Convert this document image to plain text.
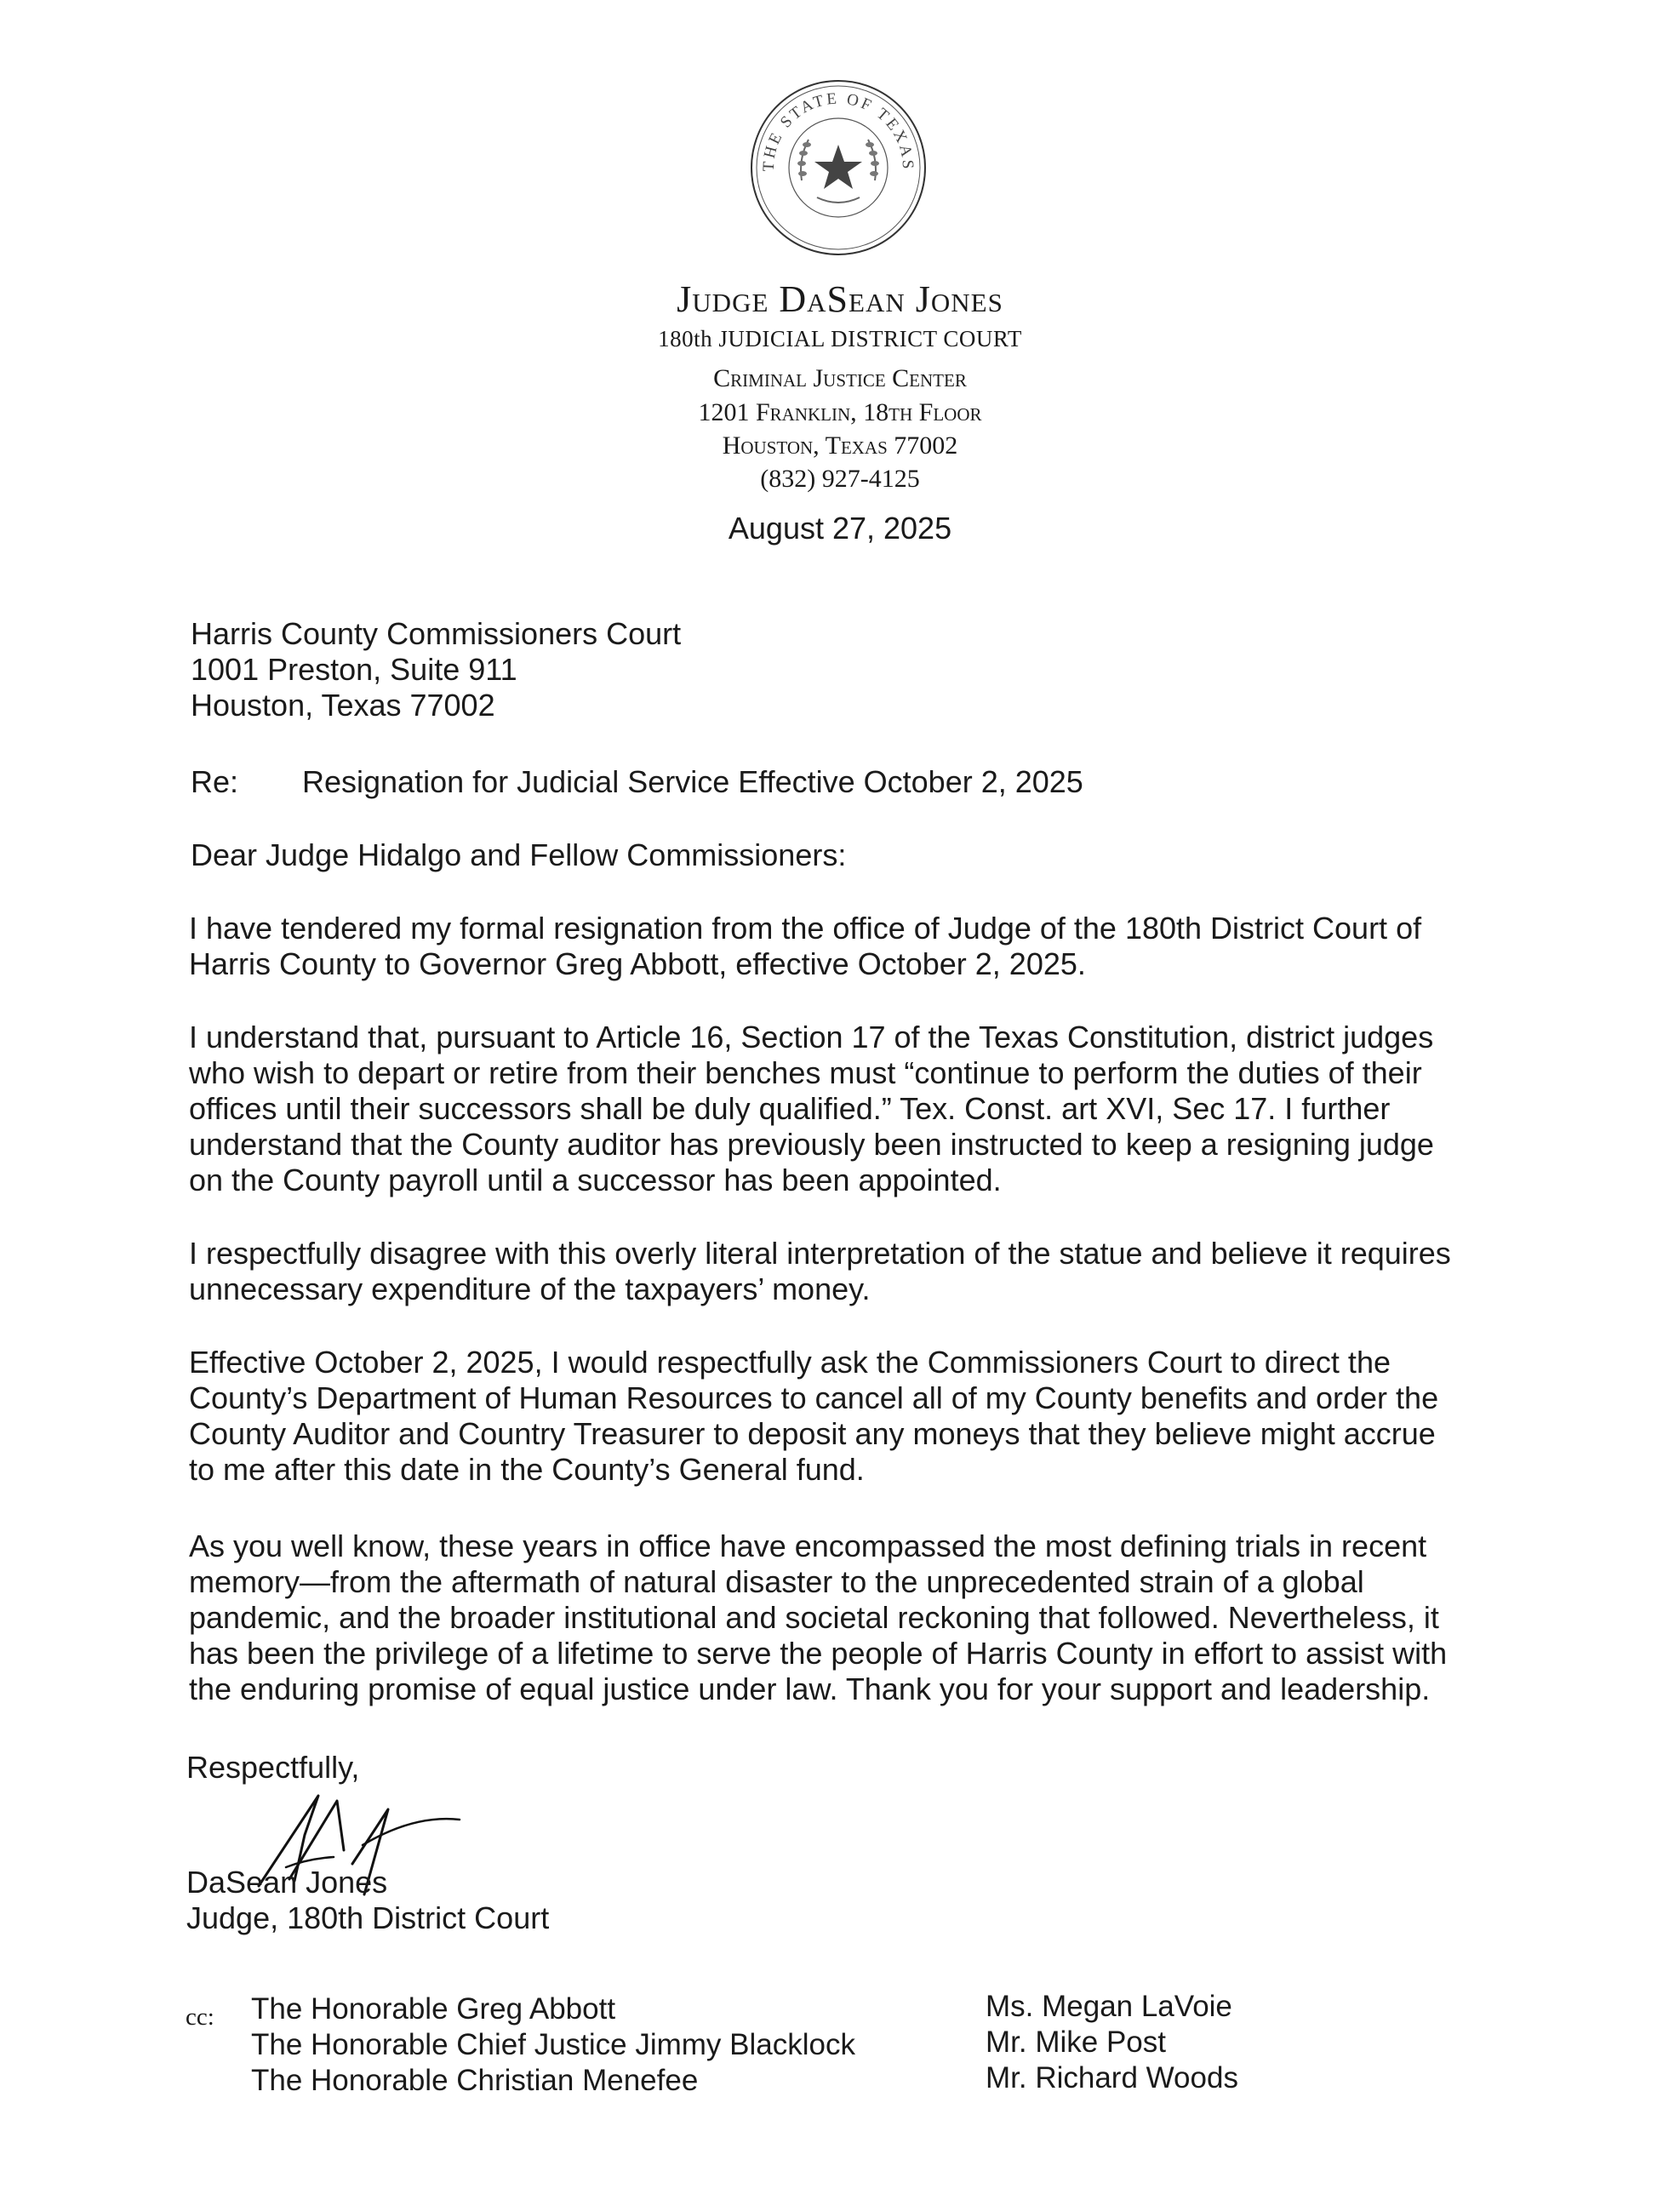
THE STATE OF TEXAS
Judge DaSean Jones
180th JUDICIAL DISTRICT COURT
Criminal Justice Center
1201 Franklin, 18th Floor
Houston, Texas 77002
(832) 927-4125
August 27, 2025
Harris County Commissioners Court
1001 Preston, Suite 911
Houston, Texas 77002
Re: Resignation for Judicial Service Effective October 2, 2025
Dear Judge Hidalgo and Fellow Commissioners:
I have tendered my formal resignation from the office of Judge of the 180th District Court of
Harris County to Governor Greg Abbott, effective October 2, 2025.
I understand that, pursuant to Article 16, Section 17 of the Texas Constitution, district judges
who wish to depart or retire from their benches must “continue to perform the duties of their
offices until their successors shall be duly qualified.” Tex. Const. art XVI, Sec 17. I further
understand that the County auditor has previously been instructed to keep a resigning judge
on the County payroll until a successor has been appointed.
I respectfully disagree with this overly literal interpretation of the statue and believe it requires
unnecessary expenditure of the taxpayers’ money.
Effective October 2, 2025, I would respectfully ask the Commissioners Court to direct the
County’s Department of Human Resources to cancel all of my County benefits and order the
County Auditor and Country Treasurer to deposit any moneys that they believe might accrue
to me after this date in the County’s General fund.
As you well know, these years in office have encompassed the most defining trials in recent
memory—from the aftermath of natural disaster to the unprecedented strain of a global
pandemic, and the broader institutional and societal reckoning that followed. Nevertheless, it
has been the privilege of a lifetime to serve the people of Harris County in effort to assist with
the enduring promise of equal justice under law. Thank you for your support and leadership.
Respectfully,
DaSean Jones
Judge, 180th District Court
cc: The Honorable Greg Abbott
The Honorable Chief Justice Jimmy Blacklock
The Honorable Christian Menefee
Ms. Megan LaVoie
Mr. Mike Post
Mr. Richard Woods
